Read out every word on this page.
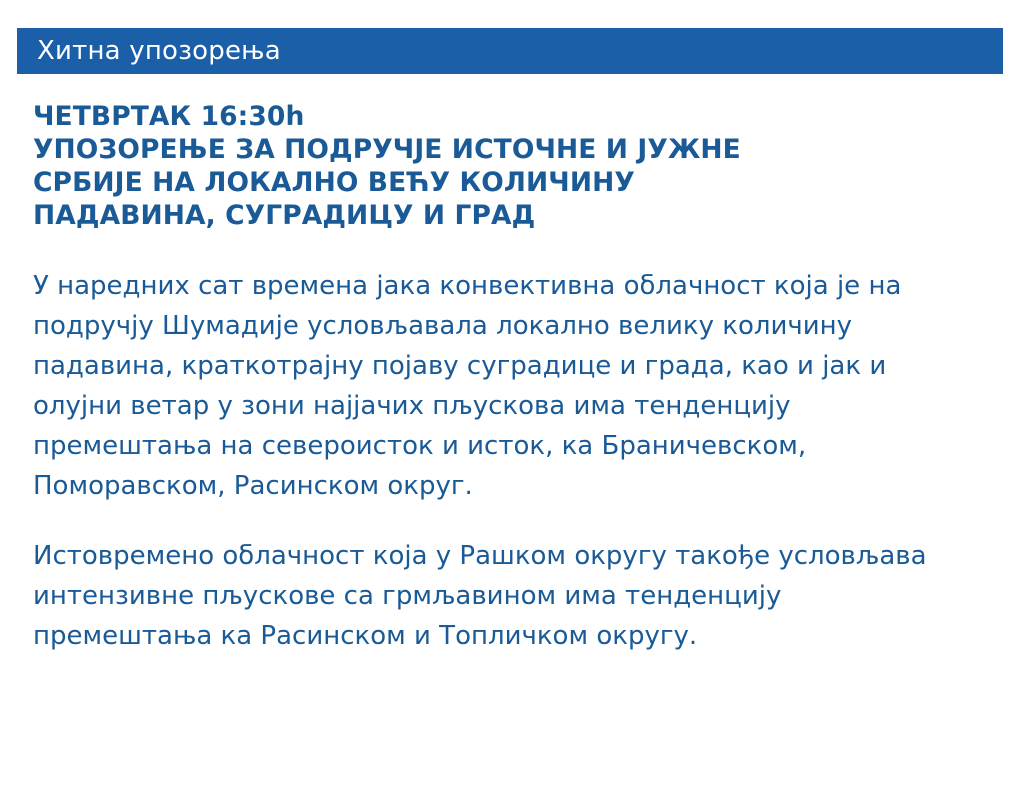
Хитна упозорења
ЧЕТВРТАК 16:30h
УПОЗОРЕЊЕ ЗА ПОДРУЧЈЕ ИСТОЧНЕ И ЈУЖНЕ
СРБИЈЕ НА ЛОКАЛНО ВЕЋУ КОЛИЧИНУ
ПАДАВИНА, СУГРАДИЦУ И ГРАД

У наредних сат времена јака конвективна облачност која је на подручју Шумадије условљавала локално велику количину падавина, краткотрајну појаву суградице и града, као и јак и олујни ветар у зони најјачих пљускова има тенденцију премештања на североисток и исток, ка Браничевском, Поморавском, Расинском округ.

Истовремено облачност која у Рашком округу такође условљава интензивне пљускове са грмљавином има тенденцију премештања ка Расинском и Топличком округу.
